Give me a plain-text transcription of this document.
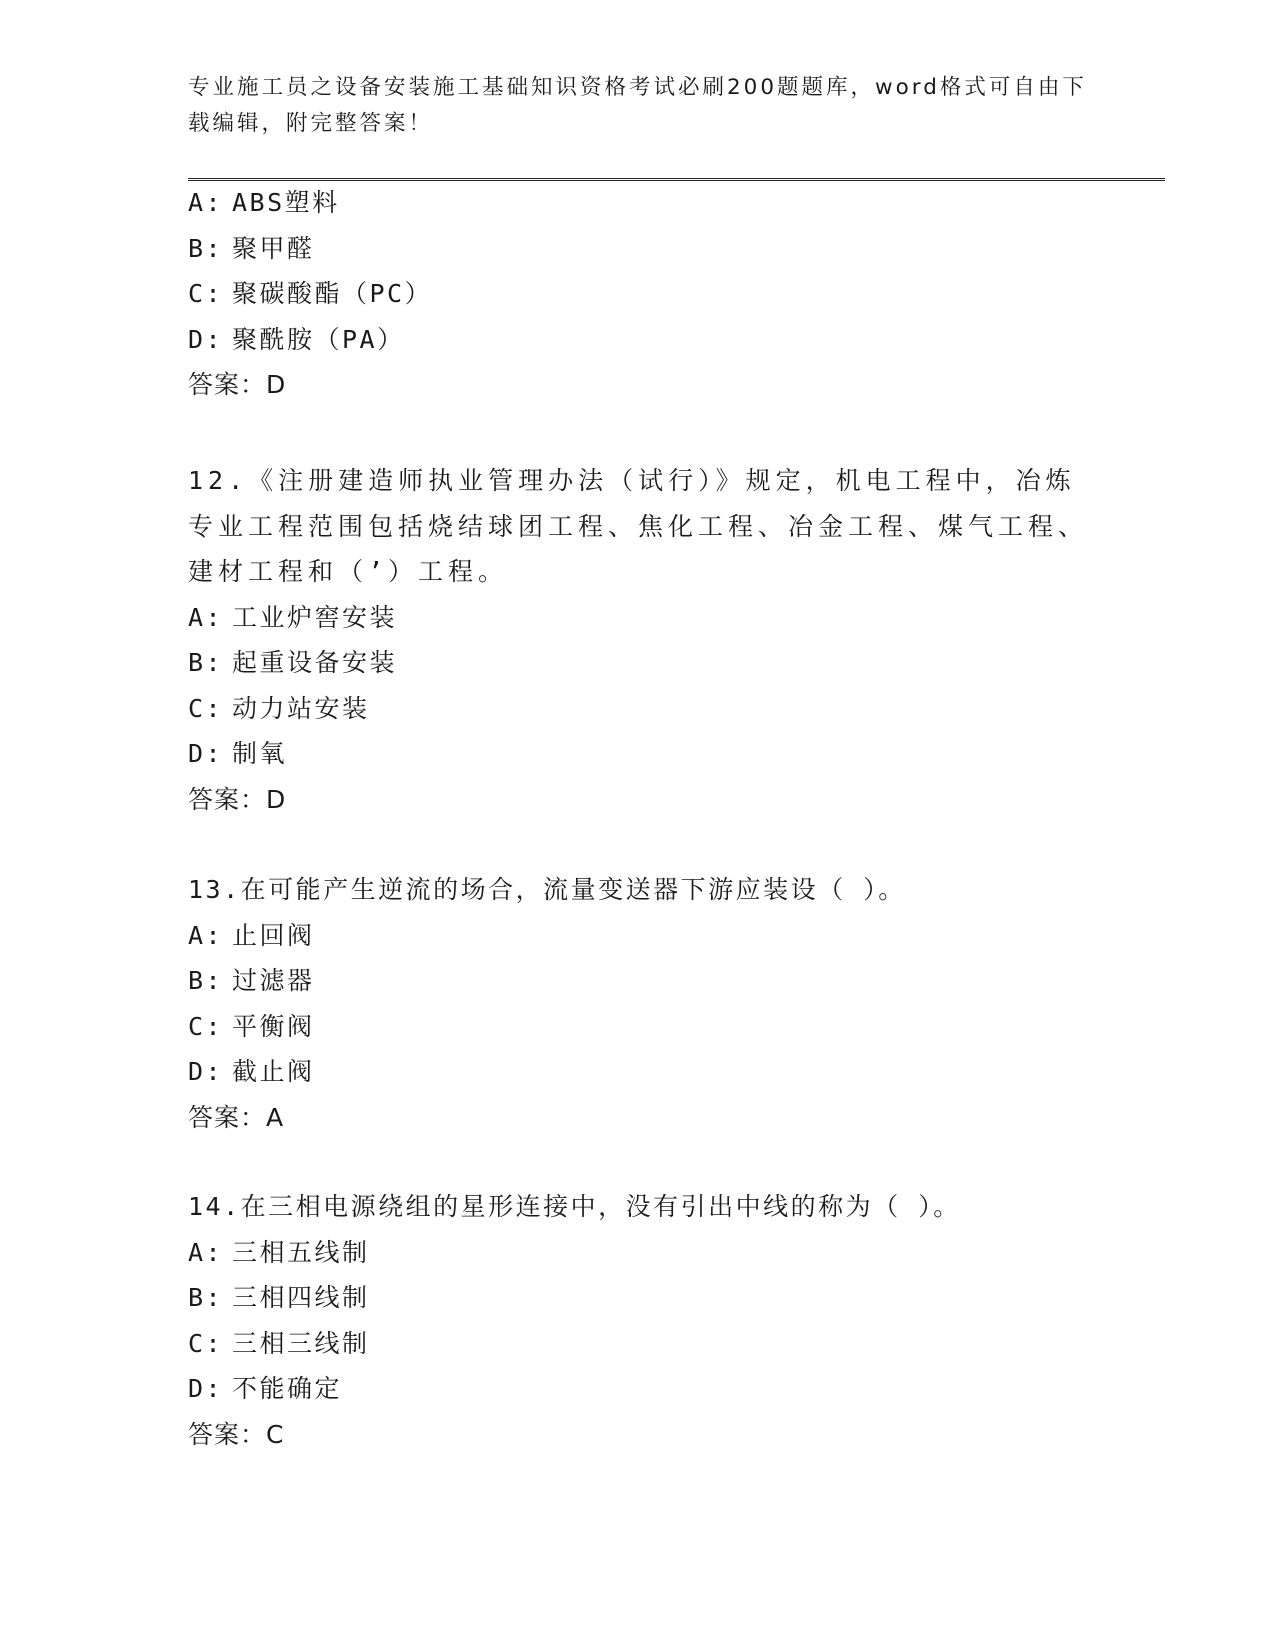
专业施工员之设备安装施工基础知识资格考试必刷200题题库，word格式可自由下载编辑，附完整答案！
A: ABS塑料
B: 聚甲醛
C: 聚碳酸酯（PC）
D: 聚酰胺（PA）
答案：D
12.《注册建造师执业管理办法（试行）》规定，机电工程中，冶炼专业工程范围包括烧结球团工程、焦化工程、冶金工程、煤气工程、建材工程和（’）工程。
A: 工业炉窖安装
B: 起重设备安装
C: 动力站安装
D: 制氧
答案：D
13.在可能产生逆流的场合，流量变送器下游应装设（ ）。
A: 止回阀
B: 过滤器
C: 平衡阀
D: 截止阀
答案：A
14.在三相电源绕组的星形连接中，没有引出中线的称为（ ）。
A: 三相五线制
B: 三相四线制
C: 三相三线制
D: 不能确定
答案：C
